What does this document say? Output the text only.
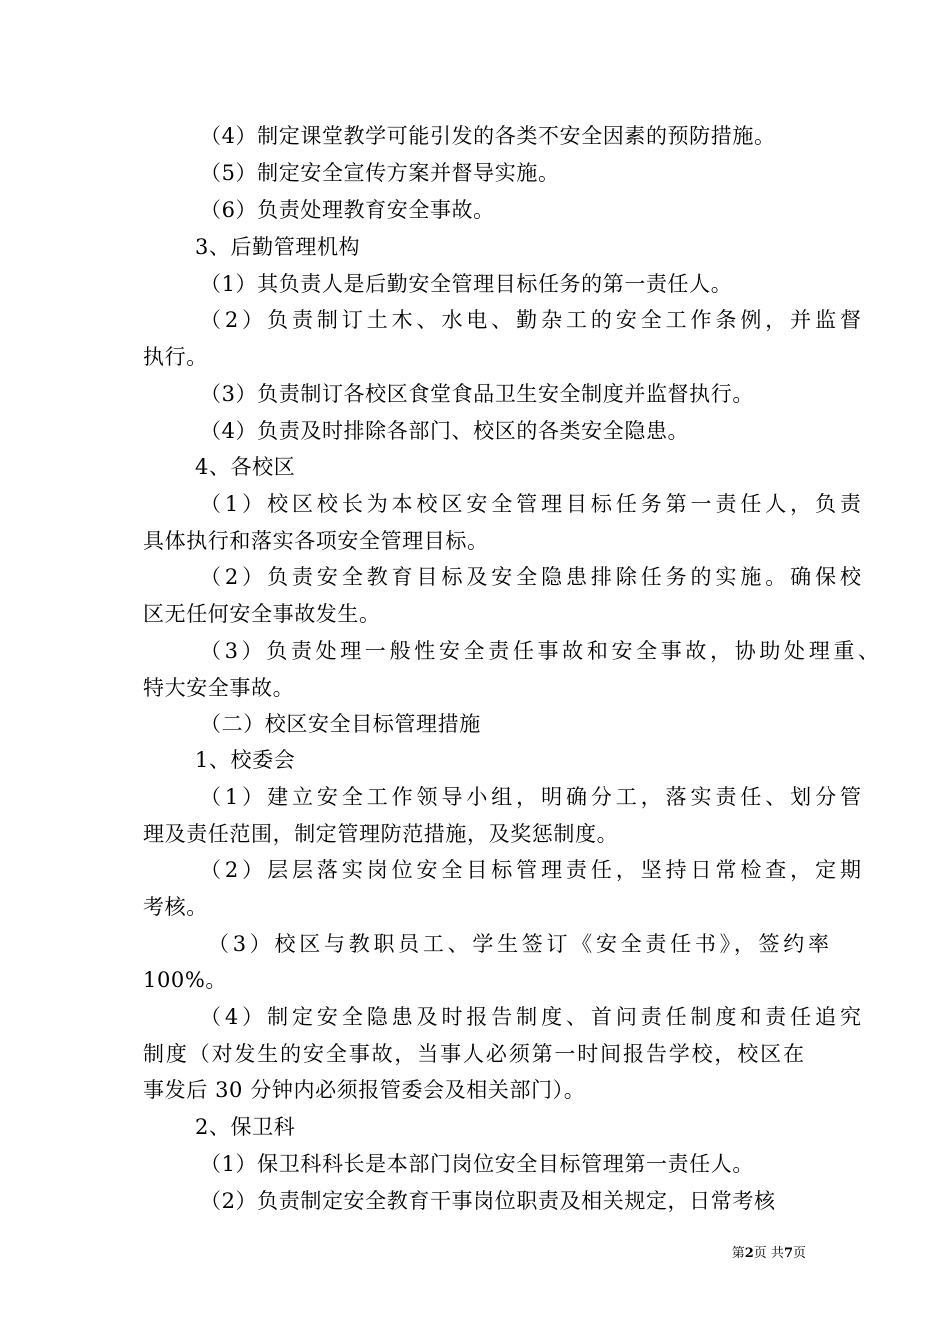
（4）制定课堂教学可能引发的各类不安全因素的预防措施。
（5）制定安全宣传方案并督导实施。
（6）负责处理教育安全事故。
3、后勤管理机构
（1）其负责人是后勤安全管理目标任务的第一责任人。
（2）负责制订土木、水电、勤杂工的安全工作条例，并监督
执行。
（3）负责制订各校区食堂食品卫生安全制度并监督执行。
（4）负责及时排除各部门、校区的各类安全隐患。
4、各校区
（1）校区校长为本校区安全管理目标任务第一责任人，负责
具体执行和落实各项安全管理目标。
（2）负责安全教育目标及安全隐患排除任务的实施。确保校
区无任何安全事故发生。
（3）负责处理一般性安全责任事故和安全事故，协助处理重、
特大安全事故。
（二）校区安全目标管理措施
1、校委会
（1）建立安全工作领导小组，明确分工，落实责任、划分管
理及责任范围，制定管理防范措施，及奖惩制度。
（2）层层落实岗位安全目标管理责任，坚持日常检查，定期
考核。
（3）校区与教职员工、学生签订《安全责任书》，签约率
100%。
（4）制定安全隐患及时报告制度、首问责任制度和责任追究
制度（对发生的安全事故，当事人必须第一时间报告学校，校区在
事发后 30 分钟内必须报管委会及相关部门）。
2、保卫科
（1）保卫科科长是本部门岗位安全目标管理第一责任人。
（2）负责制定安全教育干事岗位职责及相关规定，日常考核
第2页 共7页
